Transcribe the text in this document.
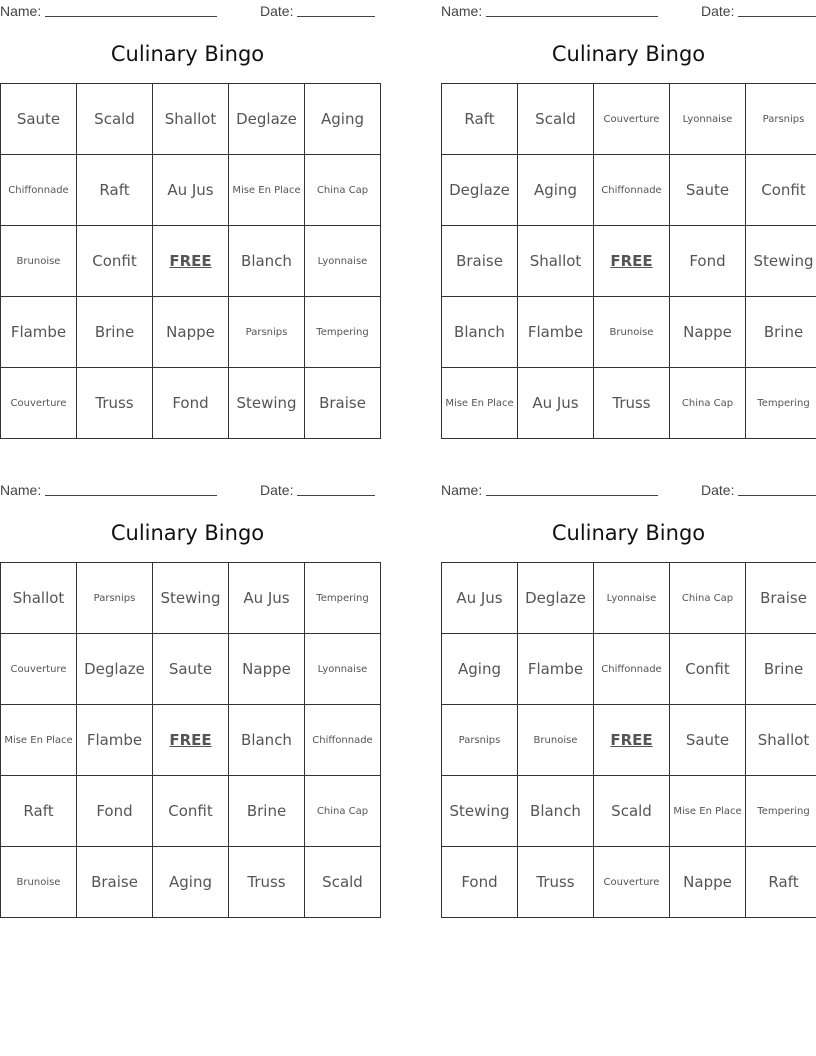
Name:	Date:
Culinary Bingo
Saute	Scald	Shallot	Deglaze	Aging
Chiffonnade	Raft	Au Jus	Mise En Place	China Cap
Brunoise	Confit	FREE	Blanch	Lyonnaise
Flambe	Brine	Nappe	Parsnips	Tempering
Couverture	Truss	Fond	Stewing	Braise
Name:	Date:
Culinary Bingo
Raft	Scald	Couverture	Lyonnaise	Parsnips
Deglaze	Aging	Chiffonnade	Saute	Confit
Braise	Shallot	FREE	Fond	Stewing
Blanch	Flambe	Brunoise	Nappe	Brine
Mise En Place	Au Jus	Truss	China Cap	Tempering
Name:	Date:
Culinary Bingo
Shallot	Parsnips	Stewing	Au Jus	Tempering
Couverture	Deglaze	Saute	Nappe	Lyonnaise
Mise En Place	Flambe	FREE	Blanch	Chiffonnade
Raft	Fond	Confit	Brine	China Cap
Brunoise	Braise	Aging	Truss	Scald
Name:	Date:
Culinary Bingo
Au Jus	Deglaze	Lyonnaise	China Cap	Braise
Aging	Flambe	Chiffonnade	Confit	Brine
Parsnips	Brunoise	FREE	Saute	Shallot
Stewing	Blanch	Scald	Mise En Place	Tempering
Fond	Truss	Couverture	Nappe	Raft
